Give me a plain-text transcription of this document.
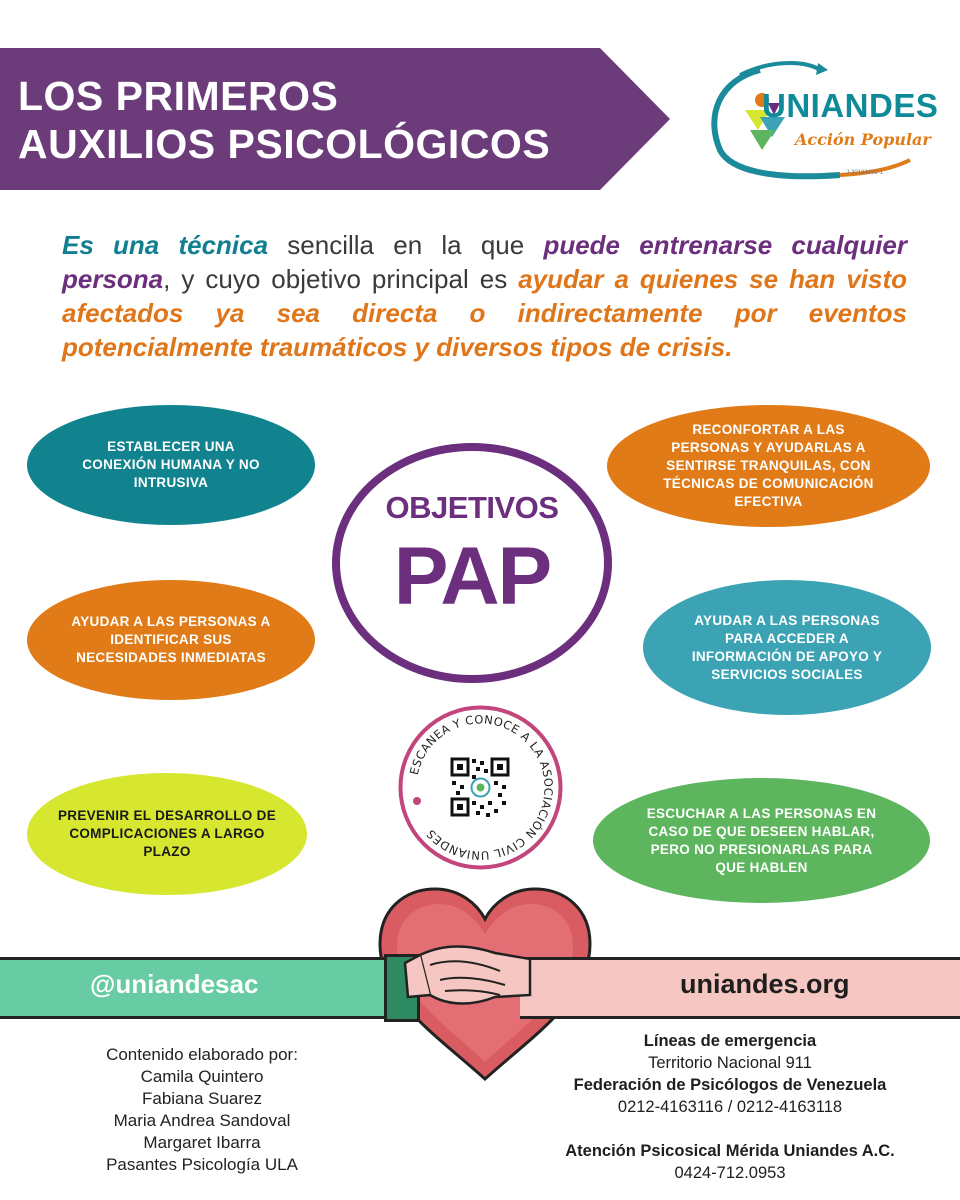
LOS PRIMEROS
AUXILIOS PSICOLÓGICOS
UNIANDES
Acción Popular
J-30134472-1
Es una técnica sencilla en la que puede entrenarse cualquier persona, y cuyo objetivo principal es ayudar a quienes se han visto afectados ya sea directa o indirectamente por eventos potencialmente traumáticos y diversos tipos de crisis.
ESTABLECER UNA CONEXIÓN HUMANA Y NO INTRUSIVA
RECONFORTAR A LAS PERSONAS Y AYUDARLAS A SENTIRSE TRANQUILAS, CON TÉCNICAS DE COMUNICACIÓN EFECTIVA
AYUDAR A LAS PERSONAS A IDENTIFICAR SUS NECESIDADES INMEDIATAS
AYUDAR A LAS PERSONAS PARA ACCEDER A INFORMACIÓN DE APOYO Y SERVICIOS SOCIALES
PREVENIR EL DESARROLLO DE COMPLICACIONES A LARGO PLAZO
ESCUCHAR A LAS PERSONAS EN CASO DE QUE DESEEN HABLAR, PERO NO PRESIONARLAS PARA QUE HABLEN
OBJETIVOS
PAP
ESCANEA Y CONOCE A LA ASOCIACIÓN CIVIL UNIANDES
@uniandesac	uniandes.org
Contenido elaborado por:
Camila Quintero
Fabiana Suarez
Maria Andrea Sandoval
Margaret Ibarra
Pasantes Psicología ULA
Líneas de emergencia
Territorio Nacional 911
Federación de Psicólogos de Venezuela
0212-4163116 / 0212-4163118
Atención Psicosical Mérida Uniandes A.C.
0424-712.0953
